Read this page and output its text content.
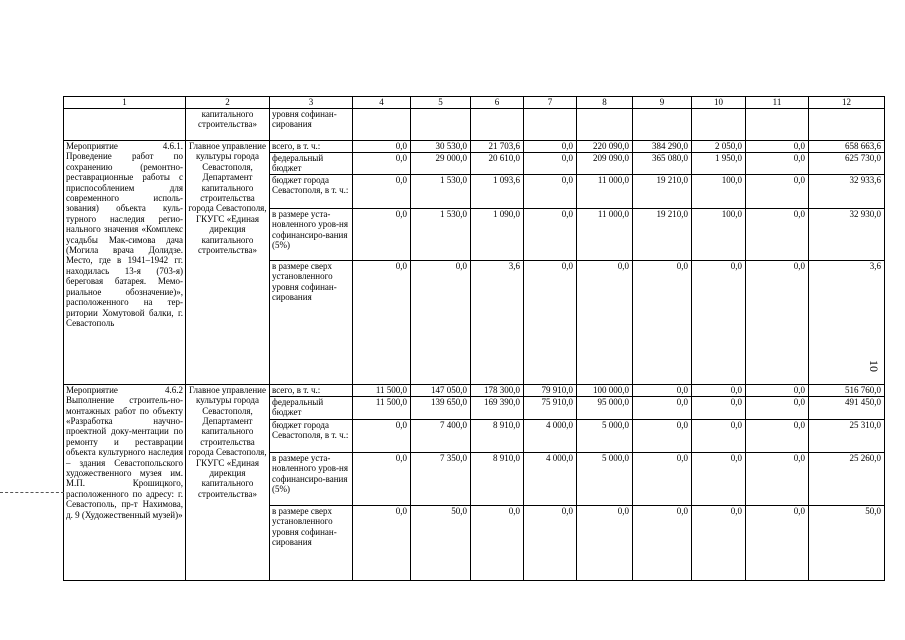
1	2	3	4	5	6	7	8	9	10	11	12
	капитального строительства»	уровня софинан-сирования									
Мероприятие 4.6.1. Проведение работ по сохранению (ремонтно-реставрационные работы с приспособлением для современного исполь-зования) объекта куль-турного наследия регио-нального значения «Комплекс усадьбы Мак-симова дача (Могила врача Долидзе. Место, где в 1941–1942 гг. находилась 13-я (703-я) береговая батарея. Мемо-риальное обозначение)», расположенного на тер-ритории Хомутовой балки, г. Севастополь	Главное управление культуры города Севастополя, Департамент капитального строительства города Севастополя, ГКУГС «Единая дирекция капитального строительства»	всего, в т. ч.:	0,0	30 530,0	21 703,6	0,0	220 090,0	384 290,0	2 050,0	0,0	658 663,6
		федеральный бюджет	0,0	29 000,0	20 610,0	0,0	209 090,0	365 080,0	1 950,0	0,0	625 730,0
		бюджет города Севастополя, в т. ч.:	0,0	1 530,0	1 093,6	0,0	11 000,0	19 210,0	100,0	0,0	32 933,6
		в размере уста-новленного уров-ня софинансиро-вания (5%)	0,0	1 530,0	1 090,0	0,0	11 000,0	19 210,0	100,0	0,0	32 930,0
		в размере сверх установленного уровня софинан-сирования	0,0	0,0	3,6	0,0	0,0	0,0	0,0	0,0	3,6
Мероприятие 4.6.2 Выполнение строитель-но-монтажных работ по объекту «Разработка научно-проектной доку-ментации по ремонту и реставрации объекта культурного наследия – здания Севастопольского художественного музея им. М.П. Крошицкого, расположенного по адресу: г. Севастополь, пр-т Нахимова, д. 9 (Художественный музей)»	Главное управление культуры города Севастополя, Департамент капитального строительства города Севастополя, ГКУГС «Единая дирекция капитального строительства»	всего, в т. ч.:	11 500,0	147 050,0	178 300,0	79 910,0	100 000,0	0,0	0,0	0,0	516 760,0
		федеральный бюджет	11 500,0	139 650,0	169 390,0	75 910,0	95 000,0	0,0	0,0	0,0	491 450,0
		бюджет города Севастополя, в т. ч.:	0,0	7 400,0	8 910,0	4 000,0	5 000,0	0,0	0,0	0,0	25 310,0
		в размере уста-новленного уров-ня софинансиро-вания (5%)	0,0	7 350,0	8 910,0	4 000,0	5 000,0	0,0	0,0	0,0	25 260,0
		в размере сверх установленного уровня софинан-сирования	0,0	50,0	0,0	0,0	0,0	0,0	0,0	0,0	50,0
10
